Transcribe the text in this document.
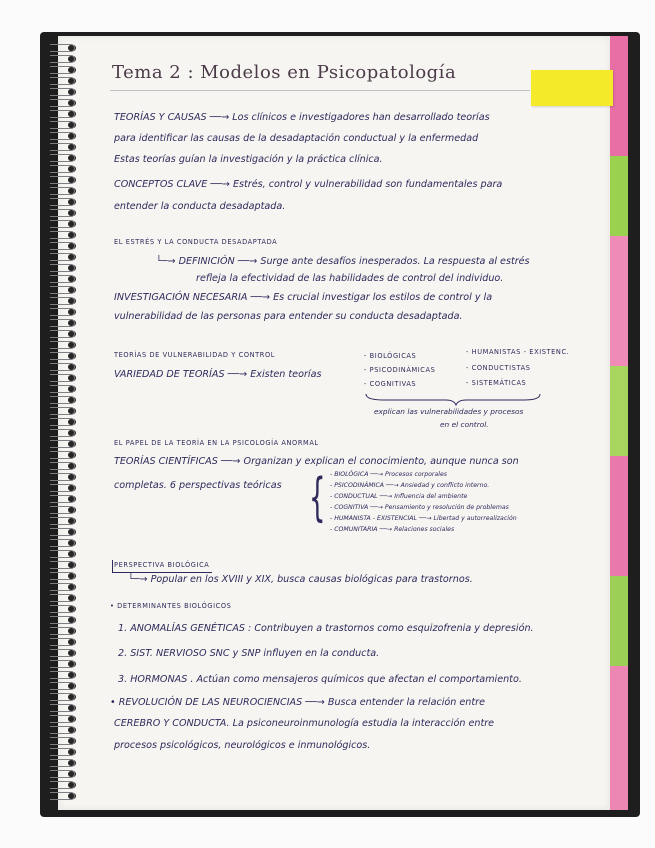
Tema 2 : Modelos en Psicopatología
TEORÍAS Y CAUSAS ──→ Los clínicos e investigadores han desarrollado teorías
para identificar las causas de la desadaptación conductual y la enfermedad
Estas teorías guían la investigación y la práctica clínica.
CONCEPTOS CLAVE ──→ Estrés, control y vulnerabilidad son fundamentales para
entender la conducta desadaptada.
EL ESTRÉS Y LA CONDUCTA DESADAPTADA
└─→ DEFINICIÓN ──→ Surge ante desafíos inesperados. La respuesta al estrés
refleja la efectividad de las habilidades de control del individuo.
INVESTIGACIÓN NECESARIA ──→ Es crucial investigar los estilos de control y la
vulnerabilidad de las personas para entender su conducta desadaptada.
TEORÍAS DE VULNERABILIDAD Y CONTROL
VARIEDAD DE TEORÍAS ──→ Existen teorías
- BIOLÓGICAS
- PSICODINÁMICAS
- COGNITIVAS
- HUMANISTAS - EXISTENC.
- CONDUCTISTAS
- SISTEMÁTICAS
explican las vulnerabilidades y procesos
en el control.
EL PAPEL DE LA TEORÍA EN LA PSICOLOGÍA ANORMAL
TEORÍAS CIENTÍFICAS ──→ Organizan y explican el conocimiento, aunque nunca son
completas. 6 perspectivas teóricas { - BIOLÓGICA ──→ Procesos corporales
- PSICODINÁMICA ──→ Ansiedad y conflicto interno.
- CONDUCTUAL ──→ Influencia del ambiente
- COGNITIVA ──→ Pensamiento y resolución de problemas
- HUMANISTA - EXISTENCIAL ──→ Libertad y autorrealización
- COMUNITARIA ──→ Relaciones sociales
PERSPECTIVA BIOLÓGICA
└─→ Popular en los XVIII y XIX, busca causas biológicas para trastornos.
• DETERMINANTES BIOLÓGICOS
1. ANOMALÍAS GENÉTICAS : Contribuyen a trastornos como esquizofrenia y depresión.
2. SIST. NERVIOSO SNC y SNP influyen en la conducta.
3. HORMONAS . Actúan como mensajeros químicos que afectan el comportamiento.
• REVOLUCIÓN DE LAS NEUROCIENCIAS ──→ Busca entender la relación entre
CEREBRO Y CONDUCTA. La psiconeuroinmunología estudia la interacción entre
procesos psicológicos, neurológicos e inmunológicos.
